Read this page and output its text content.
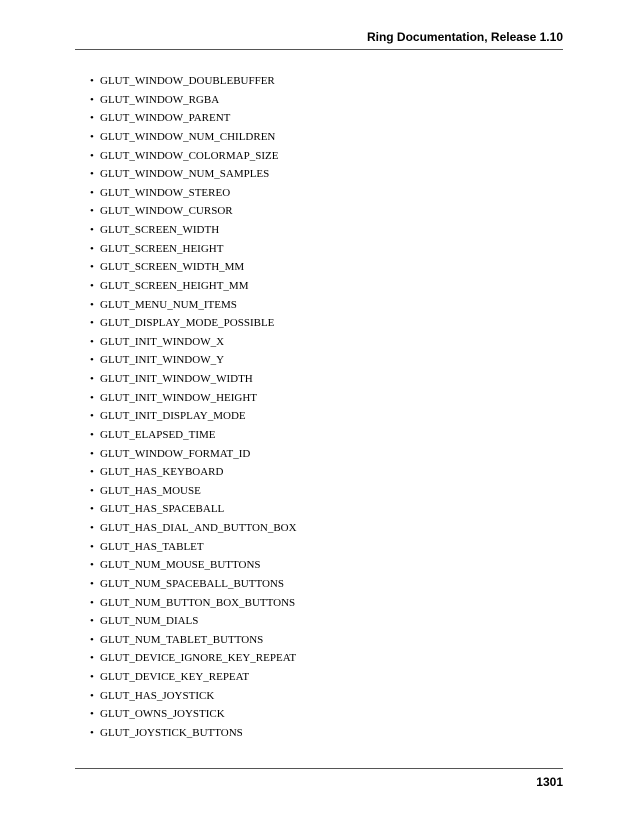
Ring Documentation, Release 1.10
• GLUT_WINDOW_DOUBLEBUFFER
• GLUT_WINDOW_RGBA
• GLUT_WINDOW_PARENT
• GLUT_WINDOW_NUM_CHILDREN
• GLUT_WINDOW_COLORMAP_SIZE
• GLUT_WINDOW_NUM_SAMPLES
• GLUT_WINDOW_STEREO
• GLUT_WINDOW_CURSOR
• GLUT_SCREEN_WIDTH
• GLUT_SCREEN_HEIGHT
• GLUT_SCREEN_WIDTH_MM
• GLUT_SCREEN_HEIGHT_MM
• GLUT_MENU_NUM_ITEMS
• GLUT_DISPLAY_MODE_POSSIBLE
• GLUT_INIT_WINDOW_X
• GLUT_INIT_WINDOW_Y
• GLUT_INIT_WINDOW_WIDTH
• GLUT_INIT_WINDOW_HEIGHT
• GLUT_INIT_DISPLAY_MODE
• GLUT_ELAPSED_TIME
• GLUT_WINDOW_FORMAT_ID
• GLUT_HAS_KEYBOARD
• GLUT_HAS_MOUSE
• GLUT_HAS_SPACEBALL
• GLUT_HAS_DIAL_AND_BUTTON_BOX
• GLUT_HAS_TABLET
• GLUT_NUM_MOUSE_BUTTONS
• GLUT_NUM_SPACEBALL_BUTTONS
• GLUT_NUM_BUTTON_BOX_BUTTONS
• GLUT_NUM_DIALS
• GLUT_NUM_TABLET_BUTTONS
• GLUT_DEVICE_IGNORE_KEY_REPEAT
• GLUT_DEVICE_KEY_REPEAT
• GLUT_HAS_JOYSTICK
• GLUT_OWNS_JOYSTICK
• GLUT_JOYSTICK_BUTTONS
1301
